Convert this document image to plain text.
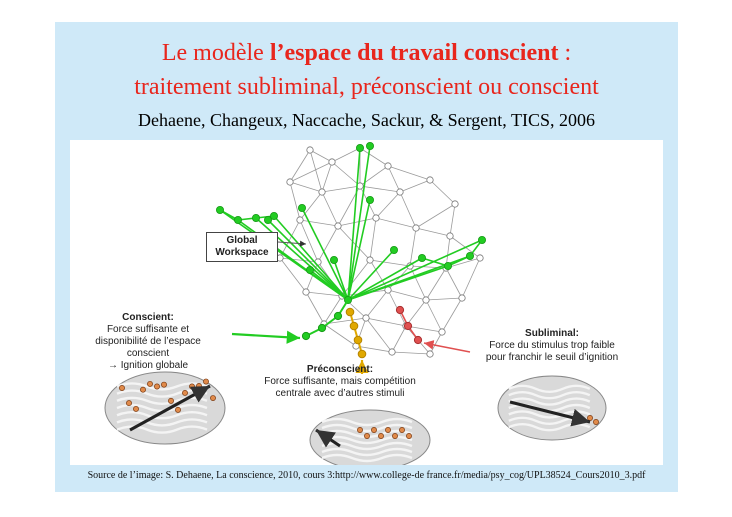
Le modèle l’espace du travail conscient :
traitement subliminal, préconscient ou conscient
Dehaene, Changeux, Naccache, Sackur, & Sergent, TICS, 2006
Global
Workspace
Conscient:
Force suffisante et
disponibilité de l’espace
conscient
→ Ignition globale	Préconscient:
Force suffisante, mais compétition
centrale avec d’autres stimuli
Subliminal:
Force du stimulus trop faible
pour franchir le seuil d’ignition
Source de l’image: S. Dehaene, La conscience, 2010, cours 3:http://www.college-de france.fr/media/psy_cog/UPL38524_Cours2010_3.pdf
